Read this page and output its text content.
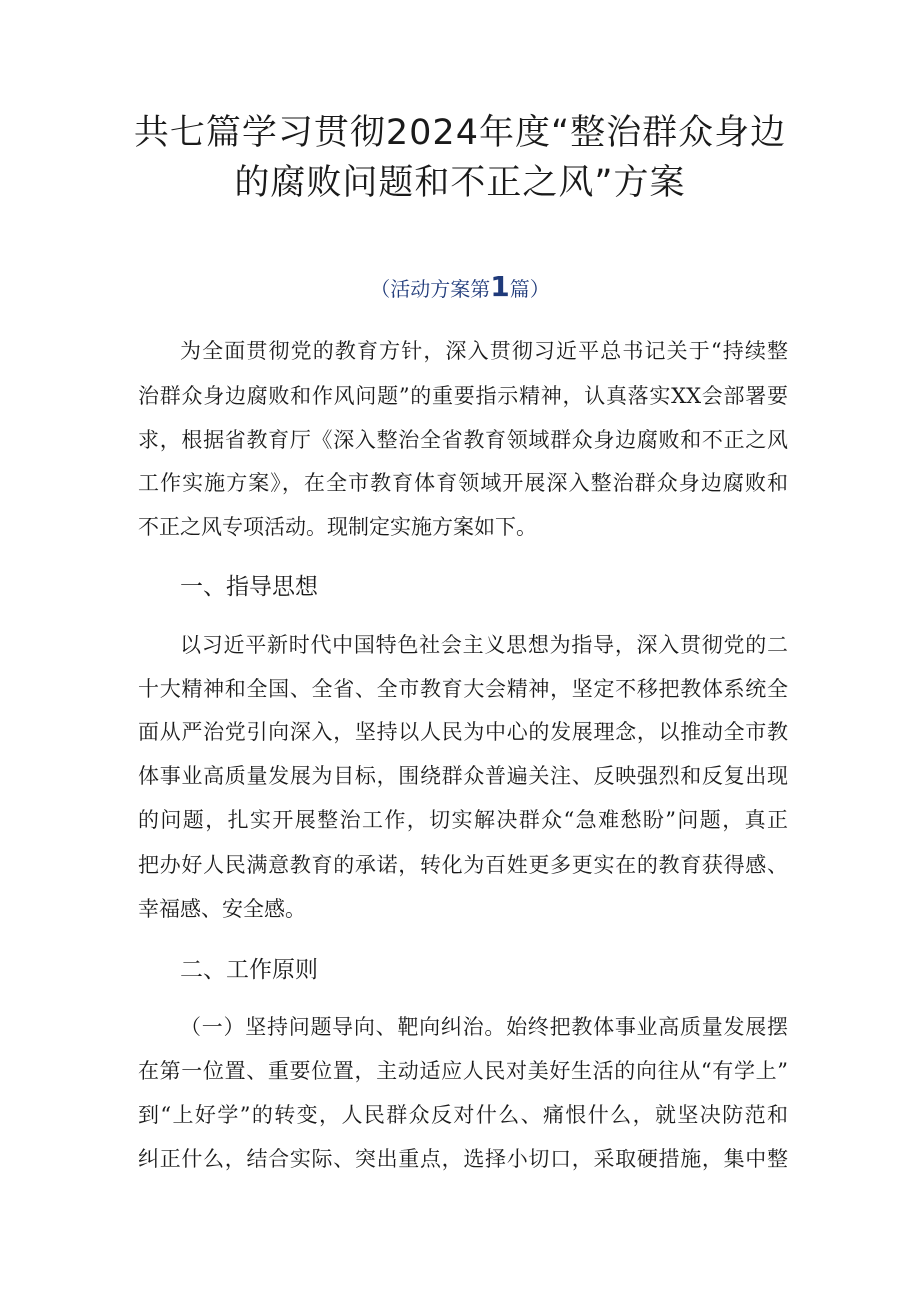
共七篇学习贯彻2024年度“整治群众身边
的腐败问题和不正之风”方案
（活动方案第1篇）
为全面贯彻党的教育方针，深入贯彻习近平总书记关于“持续整
治群众身边腐败和作风问题”的重要指示精神，认真落实XX会部署要
求，根据省教育厅《深入整治全省教育领域群众身边腐败和不正之风
工作实施方案》，在全市教育体育领域开展深入整治群众身边腐败和
不正之风专项活动。现制定实施方案如下。
一、指导思想
以习近平新时代中国特色社会主义思想为指导，深入贯彻党的二
十大精神和全国、全省、全市教育大会精神，坚定不移把教体系统全
面从严治党引向深入，坚持以人民为中心的发展理念，以推动全市教
体事业高质量发展为目标，围绕群众普遍关注、反映强烈和反复出现
的问题，扎实开展整治工作，切实解决群众“急难愁盼”问题，真正
把办好人民满意教育的承诺，转化为百姓更多更实在的教育获得感、
幸福感、安全感。
二、工作原则
（一）坚持问题导向、靶向纠治。始终把教体事业高质量发展摆
在第一位置、重要位置，主动适应人民对美好生活的向往从“有学上”
到“上好学”的转变，人民群众反对什么、痛恨什么，就坚决防范和
纠正什么，结合实际、突出重点，选择小切口，采取硬措施，集中整
